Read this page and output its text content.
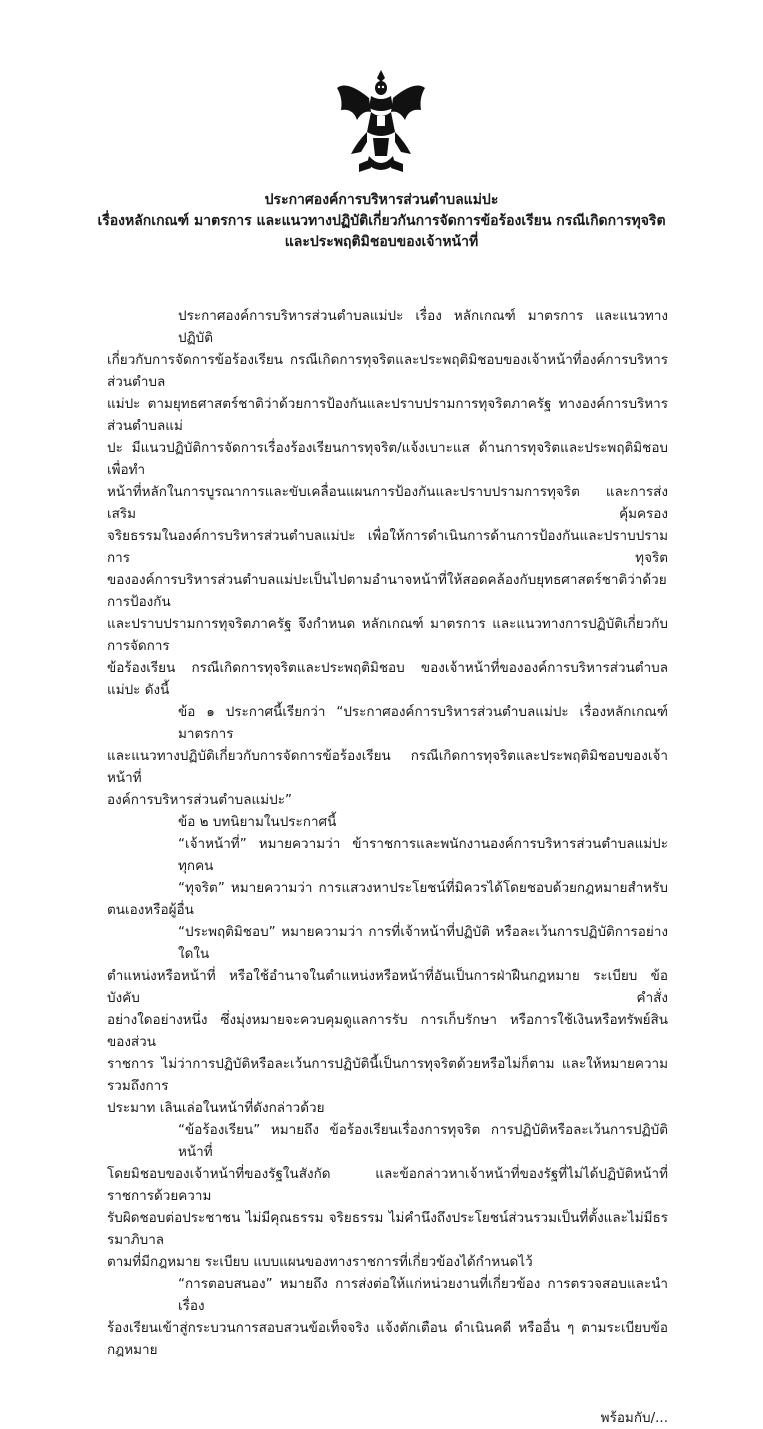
ประกาศองค์การบริหารส่วนตำบลแม่ปะ
เรื่องหลักเกณฑ์ มาตรการ และแนวทางปฏิบัติเกี่ยวกันการจัดการข้อร้องเรียน กรณีเกิดการทุจริต
และประพฤติมิชอบของเจ้าหน้าที่
ประกาศองค์การบริหารส่วนตำบลแม่ปะ เรื่อง หลักเกณฑ์ มาตรการ และแนวทางปฏิบัติ
เกี่ยวกับการจัดการข้อร้องเรียน กรณีเกิดการทุจริตและประพฤติมิชอบของเจ้าหน้าที่องค์การบริหารส่วนตำบล
แม่ปะ ตามยุทธศาสตร์ชาติว่าด้วยการป้องกันและปราบปรามการทุจริตภาครัฐ ทางองค์การบริหารส่วนตำบลแม่
ปะ มีแนวปฏิบัติการจัดการเรื่องร้องเรียนการทุจริต/แจ้งเบาะแส ด้านการทุจริตและประพฤติมิชอบ เพื่อทำ
หน้าที่หลักในการบูรณาการและขับเคลื่อนแผนการป้องกันและปราบปรามการทุจริต และการส่งเสริม คุ้มครอง
จริยธรรมในองค์การบริหารส่วนตำบลแม่ปะ เพื่อให้การดำเนินการด้านการป้องกันและปราบปรามการ ทุจริต
ขององค์การบริหารส่วนตำบลแม่ปะเป็นไปตามอำนาจหน้าที่ให้สอดคล้องกับยุทธศาสตร์ชาติว่าด้วยการป้องกัน
และปราบปรามการทุจริตภาครัฐ จึงกำหนด หลักเกณฑ์ มาตรการ และแนวทางการปฏิบัติเกี่ยวกับการจัดการ
ข้อร้องเรียน กรณีเกิดการทุจริตและประพฤติมิชอบ ของเจ้าหน้าที่ขององค์การบริหารส่วนตำบลแม่ปะ ดังนี้
ข้อ ๑ ประกาศนี้เรียกว่า “ประกาศองค์การบริหารส่วนตำบลแม่ปะ เรื่องหลักเกณฑ์มาตรการ
และแนวทางปฏิบัติเกี่ยวกับการจัดการข้อร้องเรียน กรณีเกิดการทุจริตและประพฤติมิชอบของเจ้าหน้าที่
องค์การบริหารส่วนตำบลแม่ปะ”
ข้อ ๒ บทนิยามในประกาศนี้
“เจ้าหน้าที่” หมายความว่า ข้าราชการและพนักงานองค์การบริหารส่วนตำบลแม่ปะทุกคน
“ทุจริต” หมายความว่า การแสวงหาประโยชน์ที่มิควรได้โดยชอบด้วยกฎหมายสำหรับ
ตนเองหรือผู้อื่น
“ประพฤติมิชอบ” หมายความว่า การที่เจ้าหน้าที่ปฏิบัติ หรือละเว้นการปฏิบัติการอย่างใดใน
ตำแหน่งหรือหน้าที่ หรือใช้อำนาจในตำแหน่งหรือหน้าที่อันเป็นการฝ่าฝืนกฎหมาย ระเบียบ ข้อบังคับ คำสั่ง
อย่างใดอย่างหนึ่ง ซึ่งมุ่งหมายจะควบคุมดูแลการรับ การเก็บรักษา หรือการใช้เงินหรือทรัพย์สิน ของส่วน
ราชการ ไม่ว่าการปฏิบัติหรือละเว้นการปฏิบัตินี้เป็นการทุจริตด้วยหรือไม่ก็ตาม และให้หมายความรวมถึงการ
ประมาท เลินเล่อในหน้าที่ดังกล่าวด้วย
“ข้อร้องเรียน” หมายถึง ข้อร้องเรียนเรื่องการทุจริต การปฏิบัติหรือละเว้นการปฏิบัติ หน้าที่
โดยมิชอบของเจ้าหน้าที่ของรัฐในสังกัด และข้อกล่าวหาเจ้าหน้าที่ของรัฐที่ไม่ได้ปฏิบัติหน้าที่ราชการด้วยความ
รับผิดชอบต่อประชาชน ไม่มีคุณธรรม จริยธรรม ไม่คำนึงถึงประโยชน์ส่วนรวมเป็นที่ตั้งและไม่มีธรรมาภิบาล
ตามที่มีกฎหมาย ระเบียบ แบบแผนของทางราชการที่เกี่ยวข้องได้กำหนดไว้
“การตอบสนอง” หมายถึง การส่งต่อให้แก่หน่วยงานที่เกี่ยวข้อง การตรวจสอบและนำเรื่อง
ร้องเรียนเข้าสู่กระบวนการสอบสวนข้อเท็จจริง แจ้งตักเตือน ดำเนินคดี หรืออื่น ๆ ตามระเบียบข้อกฎหมาย
พร้อมกับ/...
